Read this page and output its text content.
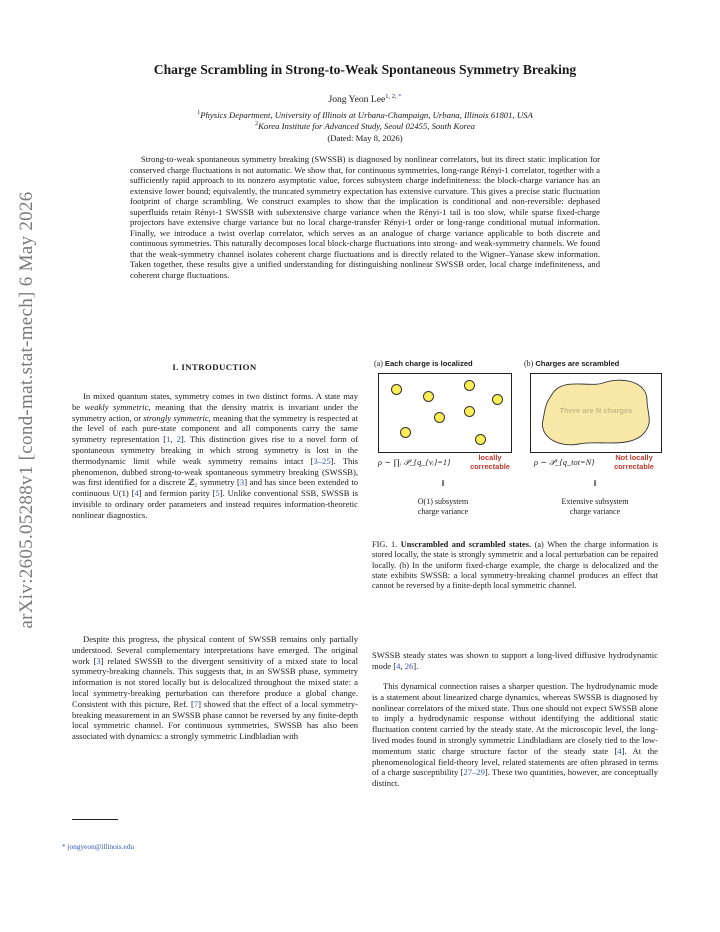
arXiv:2605.05288v1 [cond-mat.stat-mech] 6 May 2026
Charge Scrambling in Strong-to-Weak Spontaneous Symmetry Breaking
Jong Yeon Lee$^{1, 2,}$ *
$^1$Physics Department, University of Illinois at Urbana-Champaign, Urbana, Illinois 61801, USA
$^2$Korea Institute for Advanced Study, Seoul 02455, South Korea
(Dated: May 8, 2026)

Strong-to-weak spontaneous symmetry breaking (SWSSB) is diagnosed by nonlinear correlators, but its direct static implication for conserved charge fluctuations is not automatic. We show that, for continuous symmetries, long-range Rényi-1 correlator, together with a sufficiently rapid approach to its nonzero asymptotic value, forces subsystem charge indefiniteness: the block-charge variance has an extensive lower bound; equivalently, the truncated symmetry expectation has extensive curvature. This gives a precise static fluctuation footprint of charge scrambling. We construct examples to show that the implication is conditional and non-reversible: dephased superfluids retain Rényi-1 SWSSB with subextensive charge variance when the Rényi-1 tail is too slow, while sparse fixed-charge projectors have extensive charge variance but no local charge-transfer Rényi-1 order or long-range conditional mutual information. Finally, we introduce a twist overlap correlator, which serves as an analogue of charge variance applicable to both discrete and continuous symmetries. This naturally decomposes local block-charge fluctuations into strong- and weak-symmetry channels. We found that the weak-symmetry channel isolates coherent charge fluctuations and is directly related to the Wigner–Yanase skew information. Taken together, these results give a unified understanding for distinguishing nonlinear SWSSB order, local charge indefiniteness, and coherent charge fluctuations.

I. INTRODUCTION

In mixed quantum states, symmetry comes in two distinct forms. A state may be weakly symmetric, meaning that the density matrix is invariant under the symmetry action, or strongly symmetric, meaning that the symmetry is respected at the level of each pure-state component and all components carry the same symmetry representation [1, 2]. This distinction gives rise to a novel form of spontaneous symmetry breaking in which strong symmetry is lost in the thermodynamic limit while weak symmetry remains intact [3–25]. This phenomenon, dubbed strong-to-weak spontaneous symmetry breaking (SWSSB), was first identified for a discrete ℤ₂ symmetry [3] and has since been extended to continuous U(1) [4] and fermion parity [5]. Unlike conventional SSB, SWSSB is invisible to ordinary order parameters and instead requires information-theoretic nonlinear diagnostics.

Despite this progress, the physical content of SWSSB remains only partially understood. Several complementary interpretations have emerged. The original work [3] related SWSSB to the divergent sensitivity of a mixed state to local symmetry-breaking channels. This suggests that, in an SWSSB phase, symmetry information is not stored locally but is delocalized throughout the mixed state: a local symmetry-breaking perturbation can therefore produce a global change. Consistent with this picture, Ref. [7] showed that the effect of a local symmetry-breaking measurement in an SWSSB phase cannot be reversed by any finite-depth local symmetric channel. For continuous symmetries, SWSSB has also been associated with dynamics: a strongly symmetric Lindbladian with

(a) Each charge is localized	(b) Charges are scrambled
There are N charges
ρ ∼ ∏ᵢ 𝒫_{q_{vᵢ}=1}
locally
correctable	ρ ∼ 𝒫_{q_tot=N}
Not locally
correctable
⇓	⇓
O(1) subsystem
charge variance
Extensive subsystem
charge variance
FIG. 1. Unscrambled and scrambled states. (a) When the charge information is stored locally, the state is strongly symmetric and a local perturbation can be repaired locally. (b) In the uniform fixed-charge example, the charge is delocalized and the state exhibits SWSSB: a local symmetry-breaking channel produces an effect that cannot be reversed by a finite-depth local symmetric channel.

SWSSB steady states was shown to support a long-lived diffusive hydrodynamic mode [4, 26].

This dynamical connection raises a sharper question. The hydrodynamic mode is a statement about linearized charge dynamics, whereas SWSSB is diagnosed by nonlinear correlators of the mixed state. Thus one should not expect SWSSB alone to imply a hydrodynamic response without identifying the additional static fluctuation content carried by the steady state. At the microscopic level, the long-lived modes found in strongly symmetric Lindbladians are closely tied to the low-momentum static charge structure factor of the steady state [4]. At the phenomenological field-theory level, related statements are often phrased in terms of a charge susceptibility [27–29]. These two quantities, however, are conceptually distinct.

* jongyeon@illinois.edu
